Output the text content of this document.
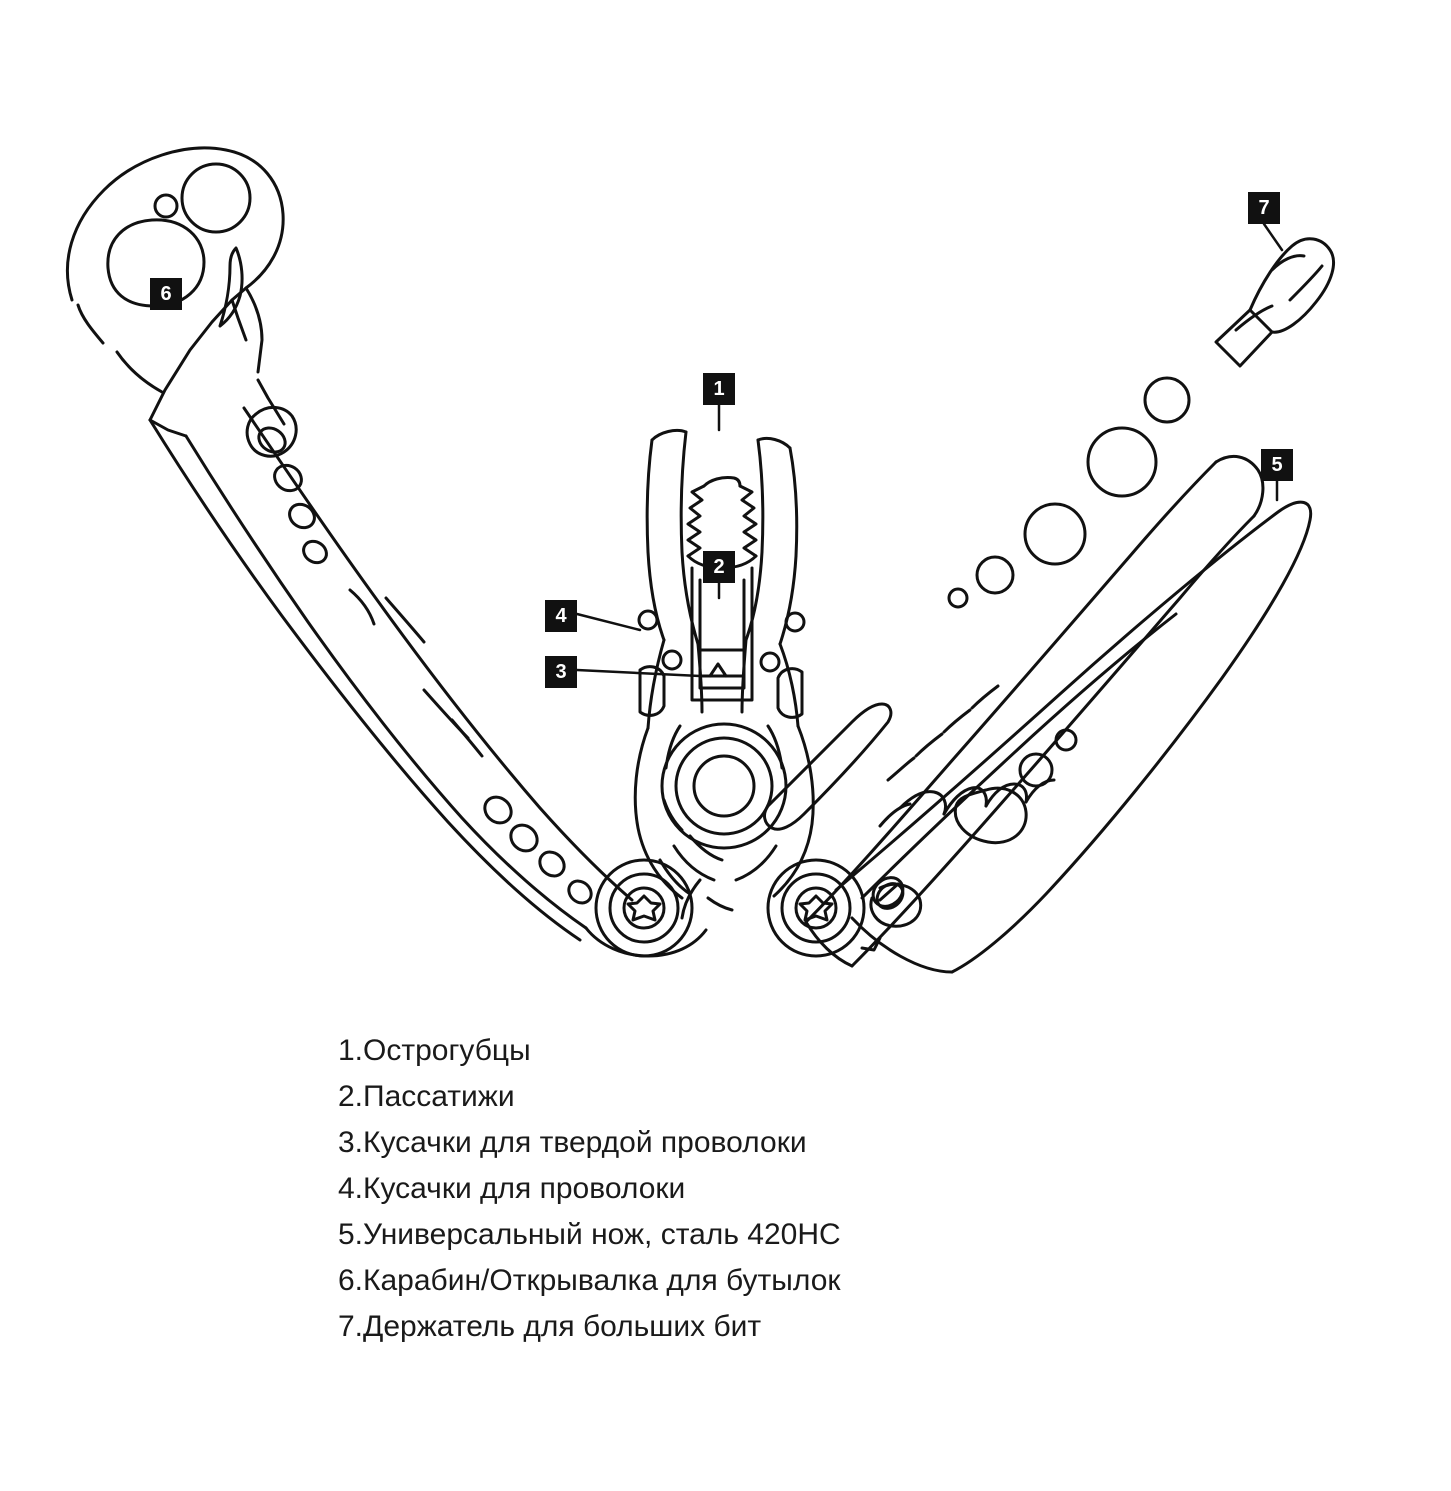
1
2
3
4
5
6
7
1.Острогубцы
2.Пассатижи
3.Кусачки для твердой проволоки
4.Кусачки для проволоки
5.Универсальный нож, сталь 420HC
6.Карабин/Открывалка для бутылок
7.Держатель для больших бит
